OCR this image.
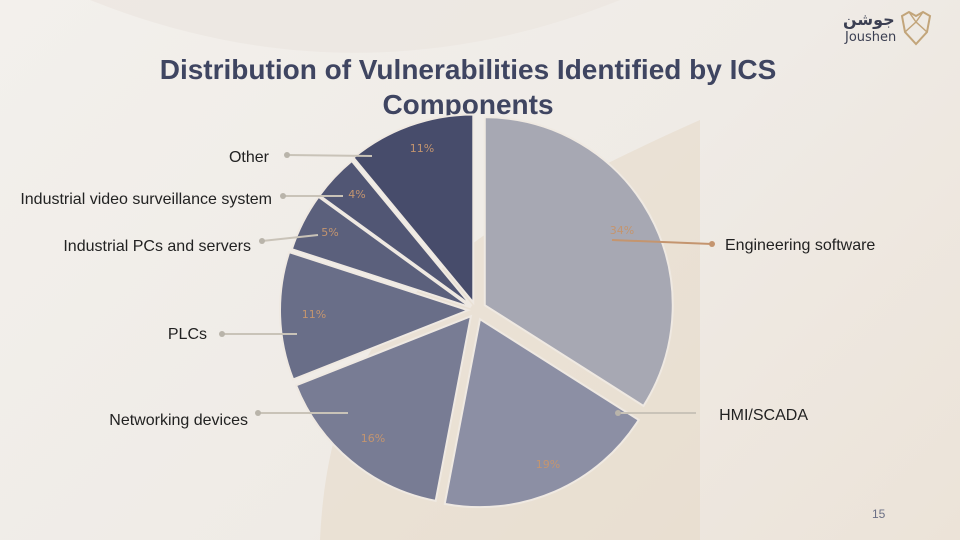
جوشن
Joushen
Distribution of Vulnerabilities Identified by ICS Components
Engineering software
34%
HMI/SCADA
19%
Networking devices
16%
PLCs
11%
Industrial PCs and servers
5%
Industrial video surveillance system	4%
Other
11%
15
